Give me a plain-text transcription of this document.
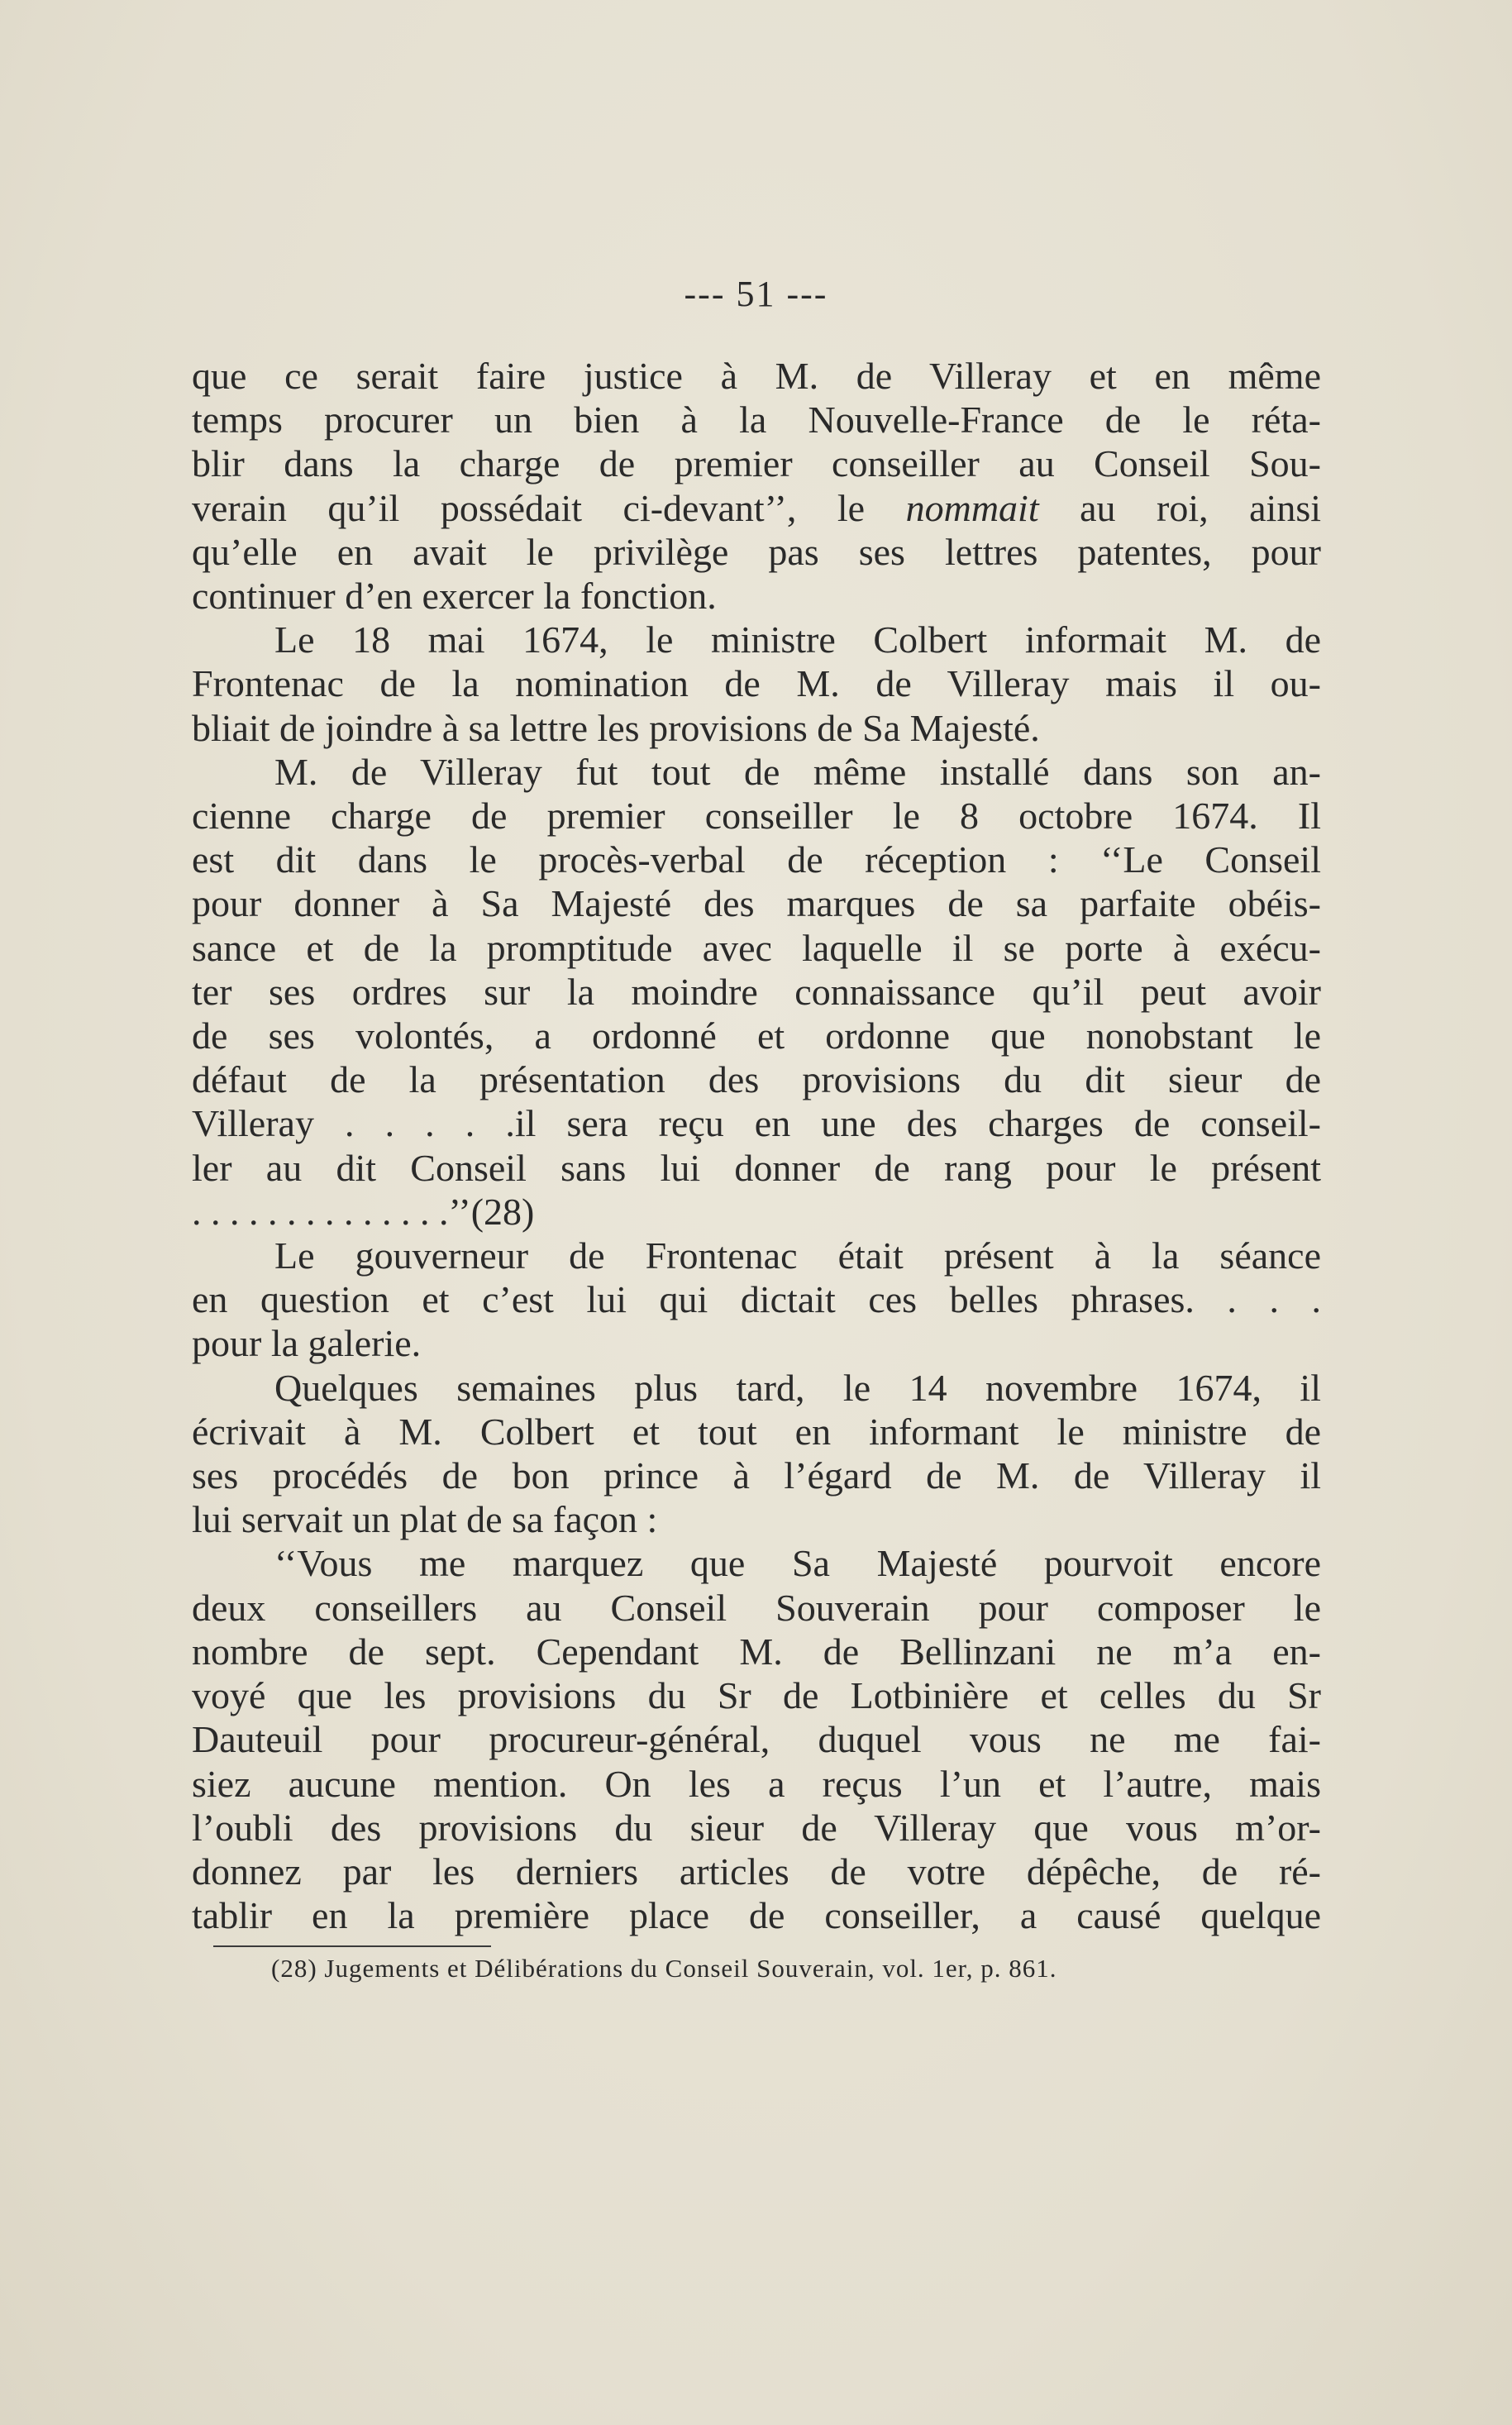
--- 51 ---
que ce serait faire justice à M. de Villeray et en même
temps procurer un bien à la Nouvelle-France de le réta-
blir dans la charge de premier conseiller au Conseil Sou-
verain qu’il possédait ci-devant’’, le nommait au roi, ainsi
qu’elle en avait le privilège pas ses lettres patentes, pour
continuer d’en exercer la fonction.
Le 18 mai 1674, le ministre Colbert informait M. de
Frontenac de la nomination de M. de Villeray mais il ou-
bliait de joindre à sa lettre les provisions de Sa Majesté.
M. de Villeray fut tout de même installé dans son an-
cienne charge de premier conseiller le 8 octobre 1674. Il
est dit dans le procès-verbal de réception : ‘‘Le Conseil
pour donner à Sa Majesté des marques de sa parfaite obéis-
sance et de la promptitude avec laquelle il se porte à exécu-
ter ses ordres sur la moindre connaissance qu’il peut avoir
de ses volontés, a ordonné et ordonne que nonobstant le
défaut de la présentation des provisions du dit sieur de
Villeray . . . . .il sera reçu en une des charges de conseil-
ler au dit Conseil sans lui donner de rang pour le présent
. . . . . . . . . . . . . .’’(28)
Le gouverneur de Frontenac était présent à la séance
en question et c’est lui qui dictait ces belles phrases. . . .
pour la galerie.
Quelques semaines plus tard, le 14 novembre 1674, il
écrivait à M. Colbert et tout en informant le ministre de
ses procédés de bon prince à l’égard de M. de Villeray il
lui servait un plat de sa façon :
‘‘Vous me marquez que Sa Majesté pourvoit encore
deux conseillers au Conseil Souverain pour composer le
nombre de sept. Cependant M. de Bellinzani ne m’a en-
voyé que les provisions du Sr de Lotbinière et celles du Sr
Dauteuil pour procureur-général, duquel vous ne me fai-
siez aucune mention. On les a reçus l’un et l’autre, mais
l’oubli des provisions du sieur de Villeray que vous m’or-
donnez par les derniers articles de votre dépêche, de ré-
tablir en la première place de conseiller, a causé quelque
(28) Jugements et Délibérations du Conseil Souverain, vol. 1er, p. 861.
